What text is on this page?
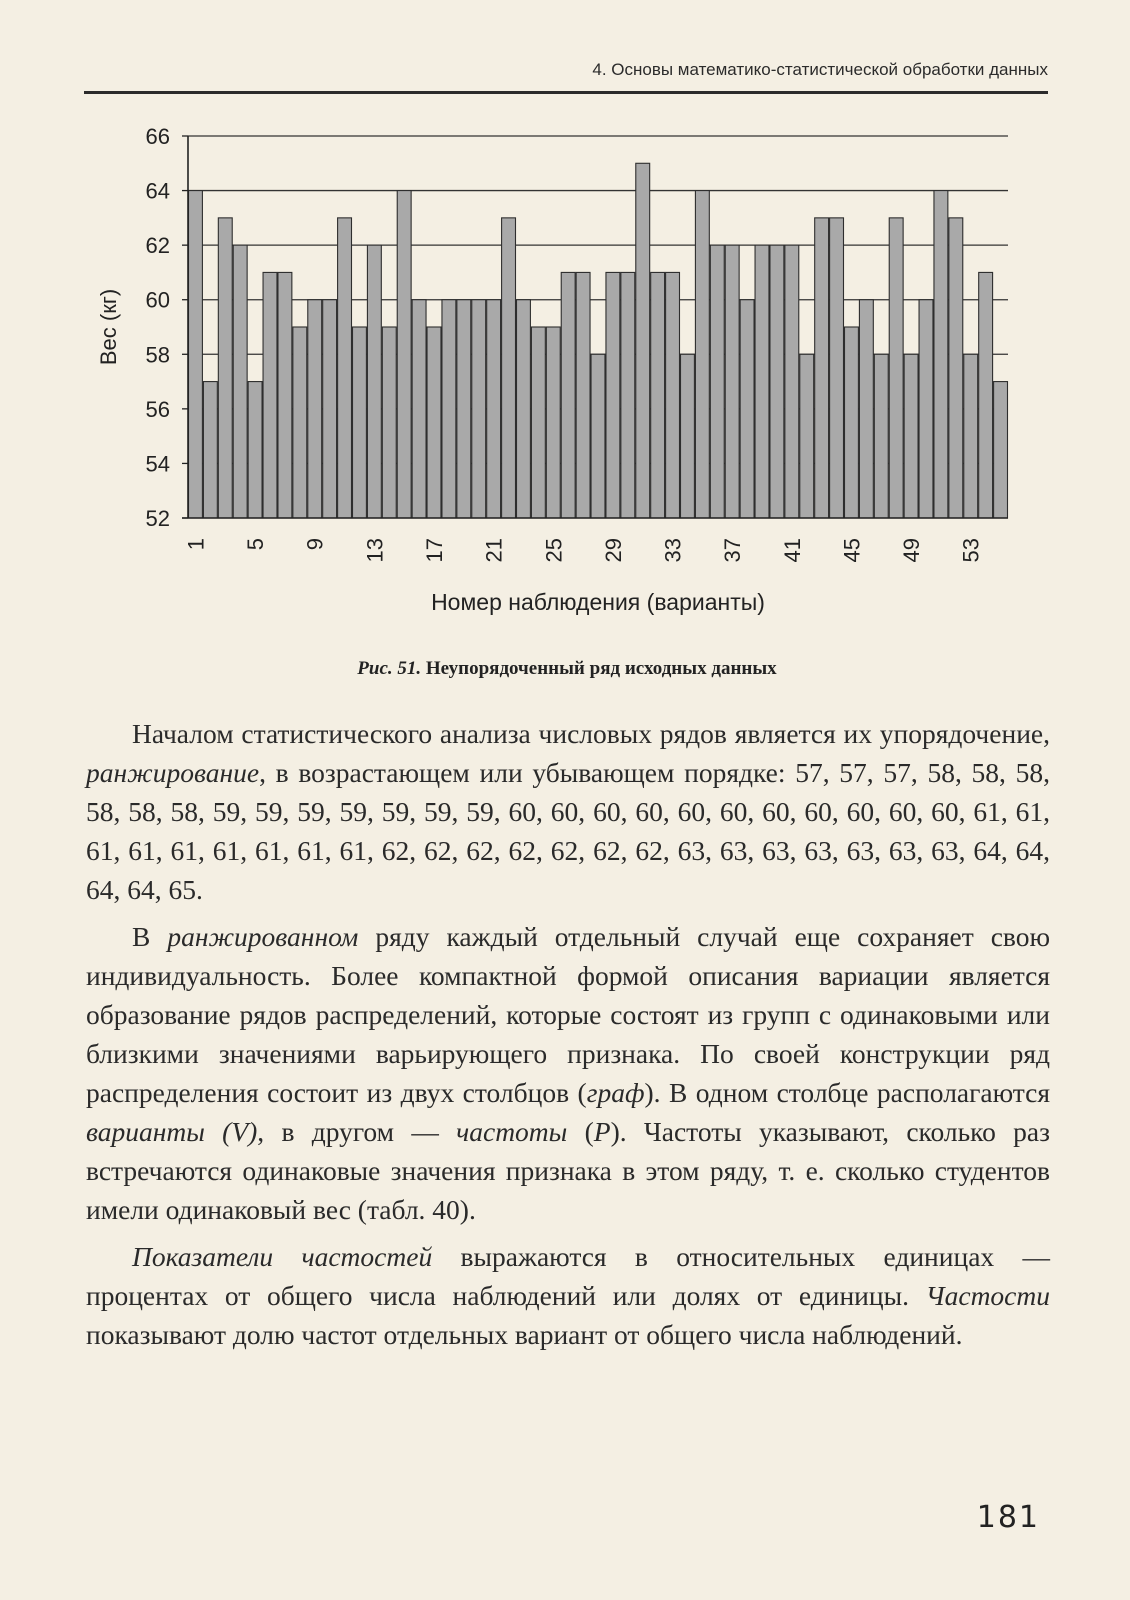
4. Основы математико-статистической обработки данных
52
54
56
58
60
62
64
66
1 5 9 13 17 21 25 29 33 37 41 45 49 53
Вес (кг)
Номер наблюдения (варианты)
Рис. 51. Неупорядоченный ряд исходных данных

Началом статистического анализа числовых рядов является их упорядочение, ранжирование, в возрастающем или убывающем порядке: 57, 57, 57, 58, 58, 58, 58, 58, 58, 59, 59, 59, 59, 59, 59, 59, 60, 60, 60, 60, 60, 60, 60, 60, 60, 60, 60, 61, 61, 61, 61, 61, 61, 61, 61, 61, 62, 62, 62, 62, 62, 62, 62, 63, 63, 63, 63, 63, 63, 63, 64, 64, 64, 64, 65.

В ранжированном ряду каждый отдельный случай еще сохраняет свою индивидуальность. Более компактной формой описания вариации является образование рядов распределений, которые состоят из групп с одинаковыми или близкими значениями варьирующего признака. По своей конструкции ряд распределения состоит из двух столбцов (граф). В одном столбце располагаются варианты (V), в другом — частоты (P). Частоты указывают, сколько раз встречаются одинаковые значения признака в этом ряду, т. е. сколько студентов имели одинаковый вес (табл. 40).

Показатели частостей выражаются в относительных единицах — процентах от общего числа наблюдений или долях от единицы. Частости показывают долю частот отдельных вариант от общего числа наблюдений.

181
